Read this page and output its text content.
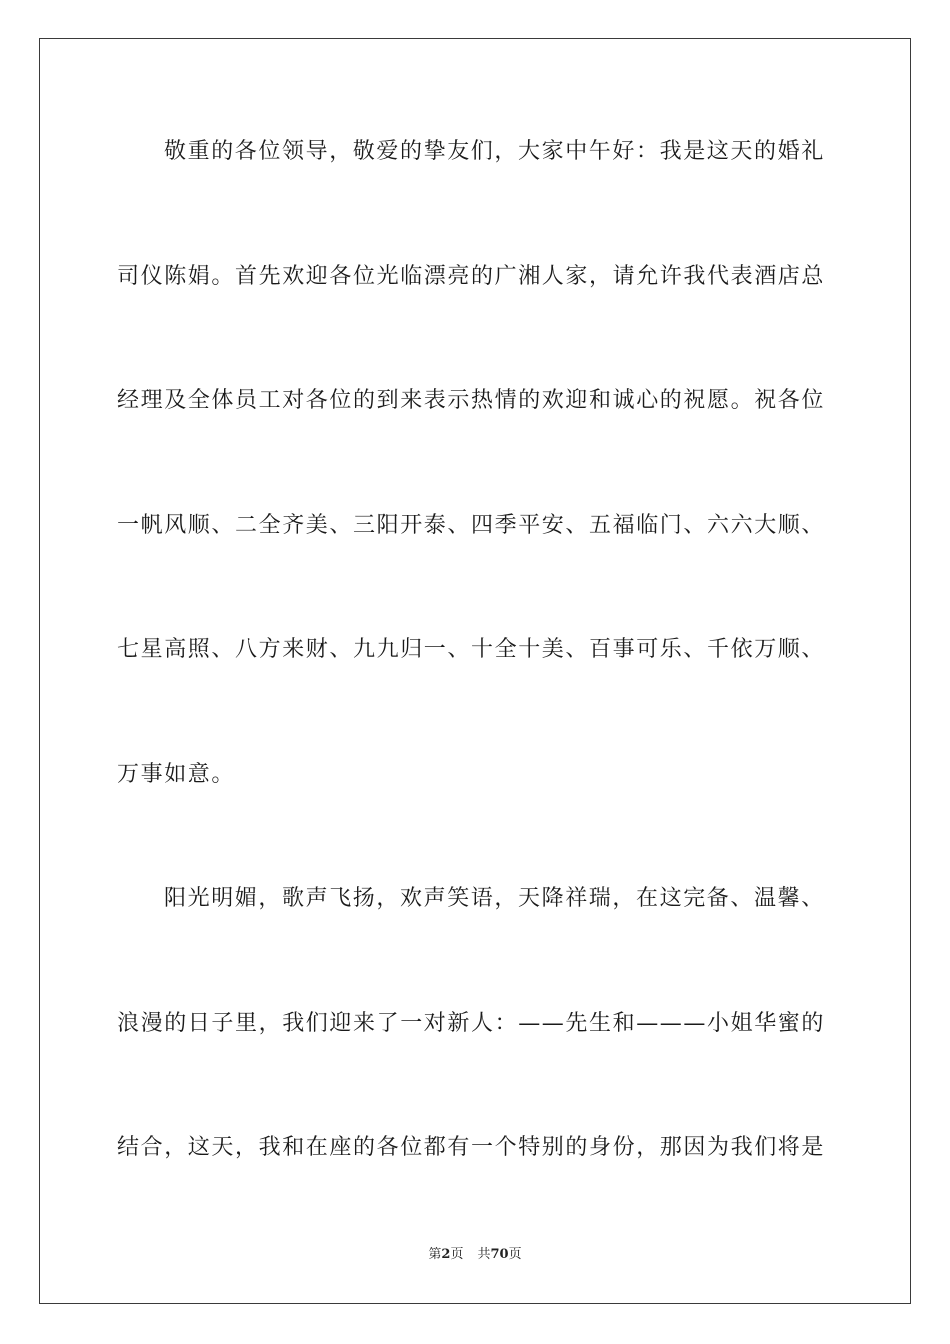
敬重的各位领导，敬爱的挚友们，大家中午好：我是这天的婚礼
司仪陈娟。首先欢迎各位光临漂亮的广湘人家，请允许我代表酒店总
经理及全体员工对各位的到来表示热情的欢迎和诚心的祝愿。祝各位
一帆风顺、二全齐美、三阳开泰、四季平安、五福临门、六六大顺、
七星高照、八方来财、九九归一、十全十美、百事可乐、千依万顺、
万事如意。
阳光明媚，歌声飞扬，欢声笑语，天降祥瑞，在这完备、温馨、
浪漫的日子里，我们迎来了一对新人：——先生和———小姐华蜜的
结合，这天，我和在座的各位都有一个特别的身份，那因为我们将是
第2页 共70页
